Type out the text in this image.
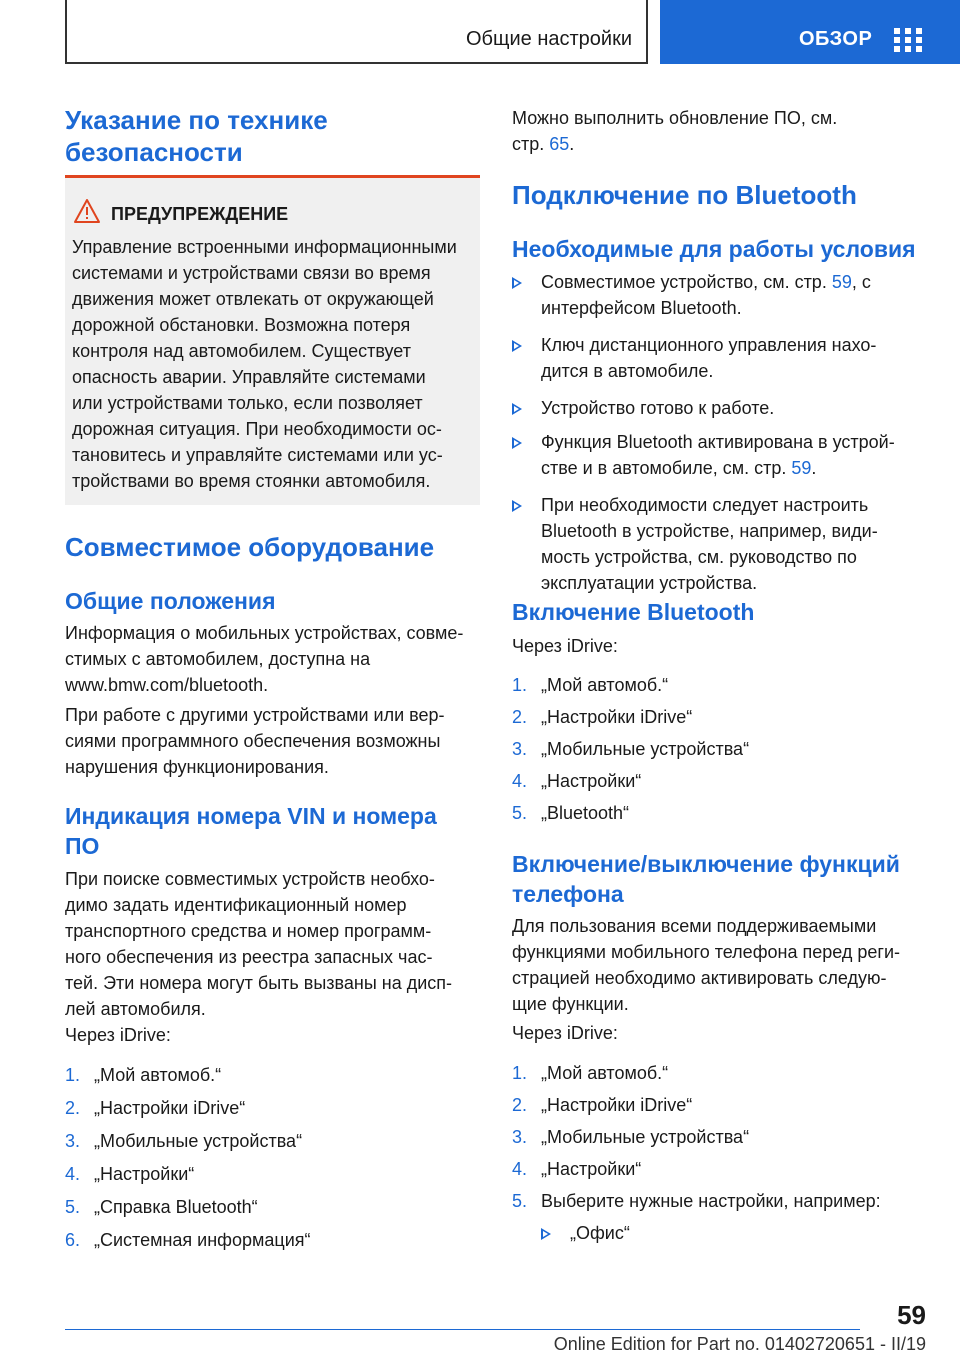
Общие настройки	ОБЗОР

Указание по технике безопасности

ПРЕДУПРЕЖДЕНИЕ
Управление встроенными информационными
системами и устройствами связи во время
движения может отвлекать от окружающей
дорожной обстановки. Возможна потеря
контроля над автомобилем. Существует
опасность аварии. Управляйте системами
или устройствами только, если позволяет
дорожная ситуация. При необходимости ос-
тановитесь и управляйте системами или ус-
тройствами во время стоянки автомобиля.

Совместимое оборудование

Общие положения

Информация о мобильных устройствах, совме-
стимых с автомобилем, доступна на
www.bmw.com/bluetooth.
При работе с другими устройствами или вер-
сиями программного обеспечения возможны
нарушения функционирования.
Индикация номера VIN и номера
ПО
При поиске совместимых устройств необхо-
димо задать идентификационный номер
транспортного средства и номер программ-
ного обеспечения из реестра запасных час-
тей. Эти номера могут быть вызваны на дисп-
лей автомобиля.
Через iDrive:
1. „Мой автомоб.“
2. „Настройки iDrive“
3. „Мобильные устройства“
4. „Настройки“
5. „Справка Bluetooth“
6. „Системная информация“
Можно выполнить обновление ПО, см.
стр. 65.

Подключение по Bluetooth

Необходимые для работы условия

Совместимое устройство, см. стр. 59, с
интерфейсом Bluetooth.
Ключ дистанционного управления нахо-
дится в автомобиле.
Устройство готово к работе.
Функция Bluetooth активирована в устрой-
стве и в автомобиле, см. стр. 59.
При необходимости следует настроить
Bluetooth в устройстве, например, види-
мость устройства, см. руководство по
эксплуатации устройства.

Включение Bluetooth

Через iDrive:
1. „Мой автомоб.“
2. „Настройки iDrive“
3. „Мобильные устройства“
4. „Настройки“
5. „Bluetooth“
Включение/выключение функций
телефона
Для пользования всеми поддерживаемыми
функциями мобильного телефона перед реги-
страцией необходимо активировать следую-
щие функции.
Через iDrive:
1. „Мой автомоб.“
2. „Настройки iDrive“
3. „Мобильные устройства“
4. „Настройки“
5. Выберите нужные настройки, например:
„Офис“
59
Online Edition for Part no. 01402720651 - II/19
